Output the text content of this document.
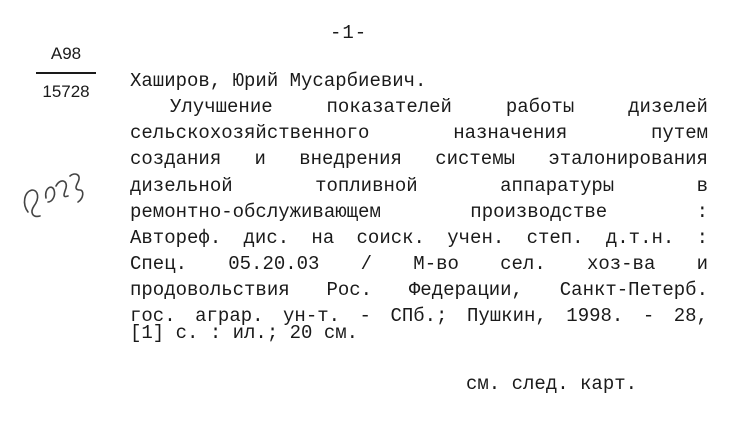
-1-
A98
15728	Хаширов, Юрий Мусарбиевич.
Улучшение	показателей	работы	дизелей
сельскохозяйственного	назначения	путем
создания и внедрения системы эталонирования
дизельной	топливной	аппаратуры	в
ремонтно-обслуживающем	производстве	:
Автореф. дис. на соиск. учен. степ. д.т.н. :
Спец. 05.20.03 / М-во сел. хоз-ва и
продовольствия Рос. Федерации, Санкт-Петерб.
гос. аграр. ун-т. - СПб.; Пушкин, 1998. - 28,
[1] с. : ил.; 20 см.
см. след. карт.
